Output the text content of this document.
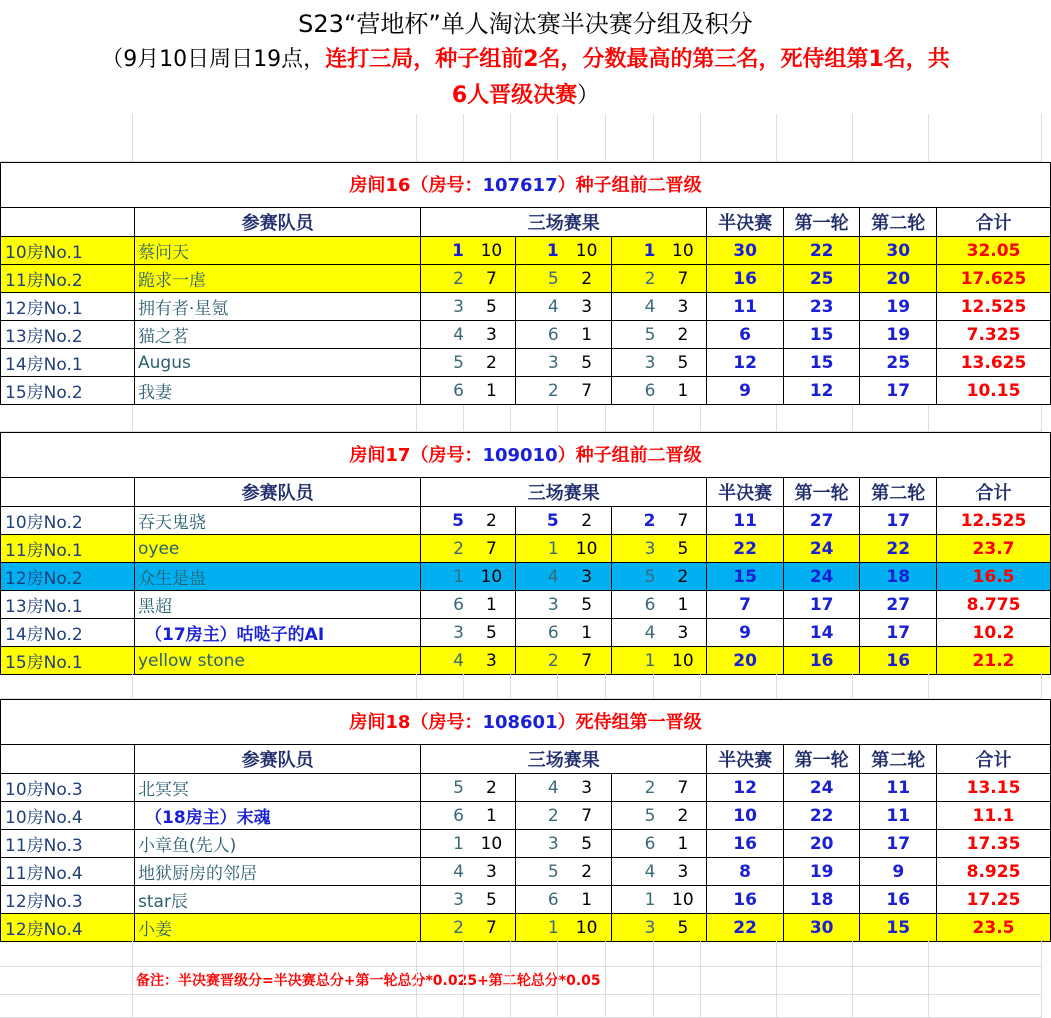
S23“营地杯”单人淘汰赛半决赛分组及积分
（9月10日周日19点，连打三局，种子组前2名，分数最高的第三名，死侍组第1名，共
6人晋级决赛）
房间16（房号：107617）种子组前二晋级
	参赛队员	三场赛果						半决赛	第一轮	第二轮	合计
10房No.1	蔡问天	1	10	1	10	1	10	30	22	30	32.05
11房No.2	跪求一虐	2	7	5	2	2	7	16	25	20	17.625
12房No.1	拥有者·星氪	3	5	4	3	4	3	11	23	19	12.525
13房No.2	猫之茗	4	3	6	1	5	2	6	15	19	7.325
14房No.1	Augus	5	2	3	5	3	5	12	15	25	13.625
15房No.2	我妻	6	1	2	7	6	1	9	12	17	10.15
房间17（房号：109010）种子组前二晋级
	参赛队员	三场赛果						半决赛	第一轮	第二轮	合计
10房No.2	吞天鬼骁	5	2	5	2	2	7	11	27	17	12.525
11房No.1	oyee	2	7	1	10	3	5	22	24	22	23.7
12房No.2	众生是蛊	1	10	4	3	5	2	15	24	18	16.5
13房No.1	黑超	6	1	3	5	6	1	7	17	27	8.775
14房No.2	（17房主）咕哒子的AI	3	5	6	1	4	3	9	14	17	10.2
15房No.1	yellow stone	4	3	2	7	1	10	20	16	16	21.2
房间18（房号：108601）死侍组第一晋级
	参赛队员	三场赛果						半决赛	第一轮	第二轮	合计
10房No.3	北冥冥	5	2	4	3	2	7	12	24	11	13.15
10房No.4	（18房主）末魂	6	1	2	7	5	2	10	22	11	11.1
11房No.3	小章鱼(先人)	1	10	3	5	6	1	16	20	17	17.35
11房No.4	地狱厨房的邻居	4	3	5	2	4	3	8	19	9	8.925
12房No.3	star辰	3	5	6	1	1	10	16	18	16	17.25
12房No.4	小姜	2	7	1	10	3	5	22	30	15	23.5
备注：半决赛晋级分=半决赛总分+第一轮总分*0.025+第二轮总分*0.05
